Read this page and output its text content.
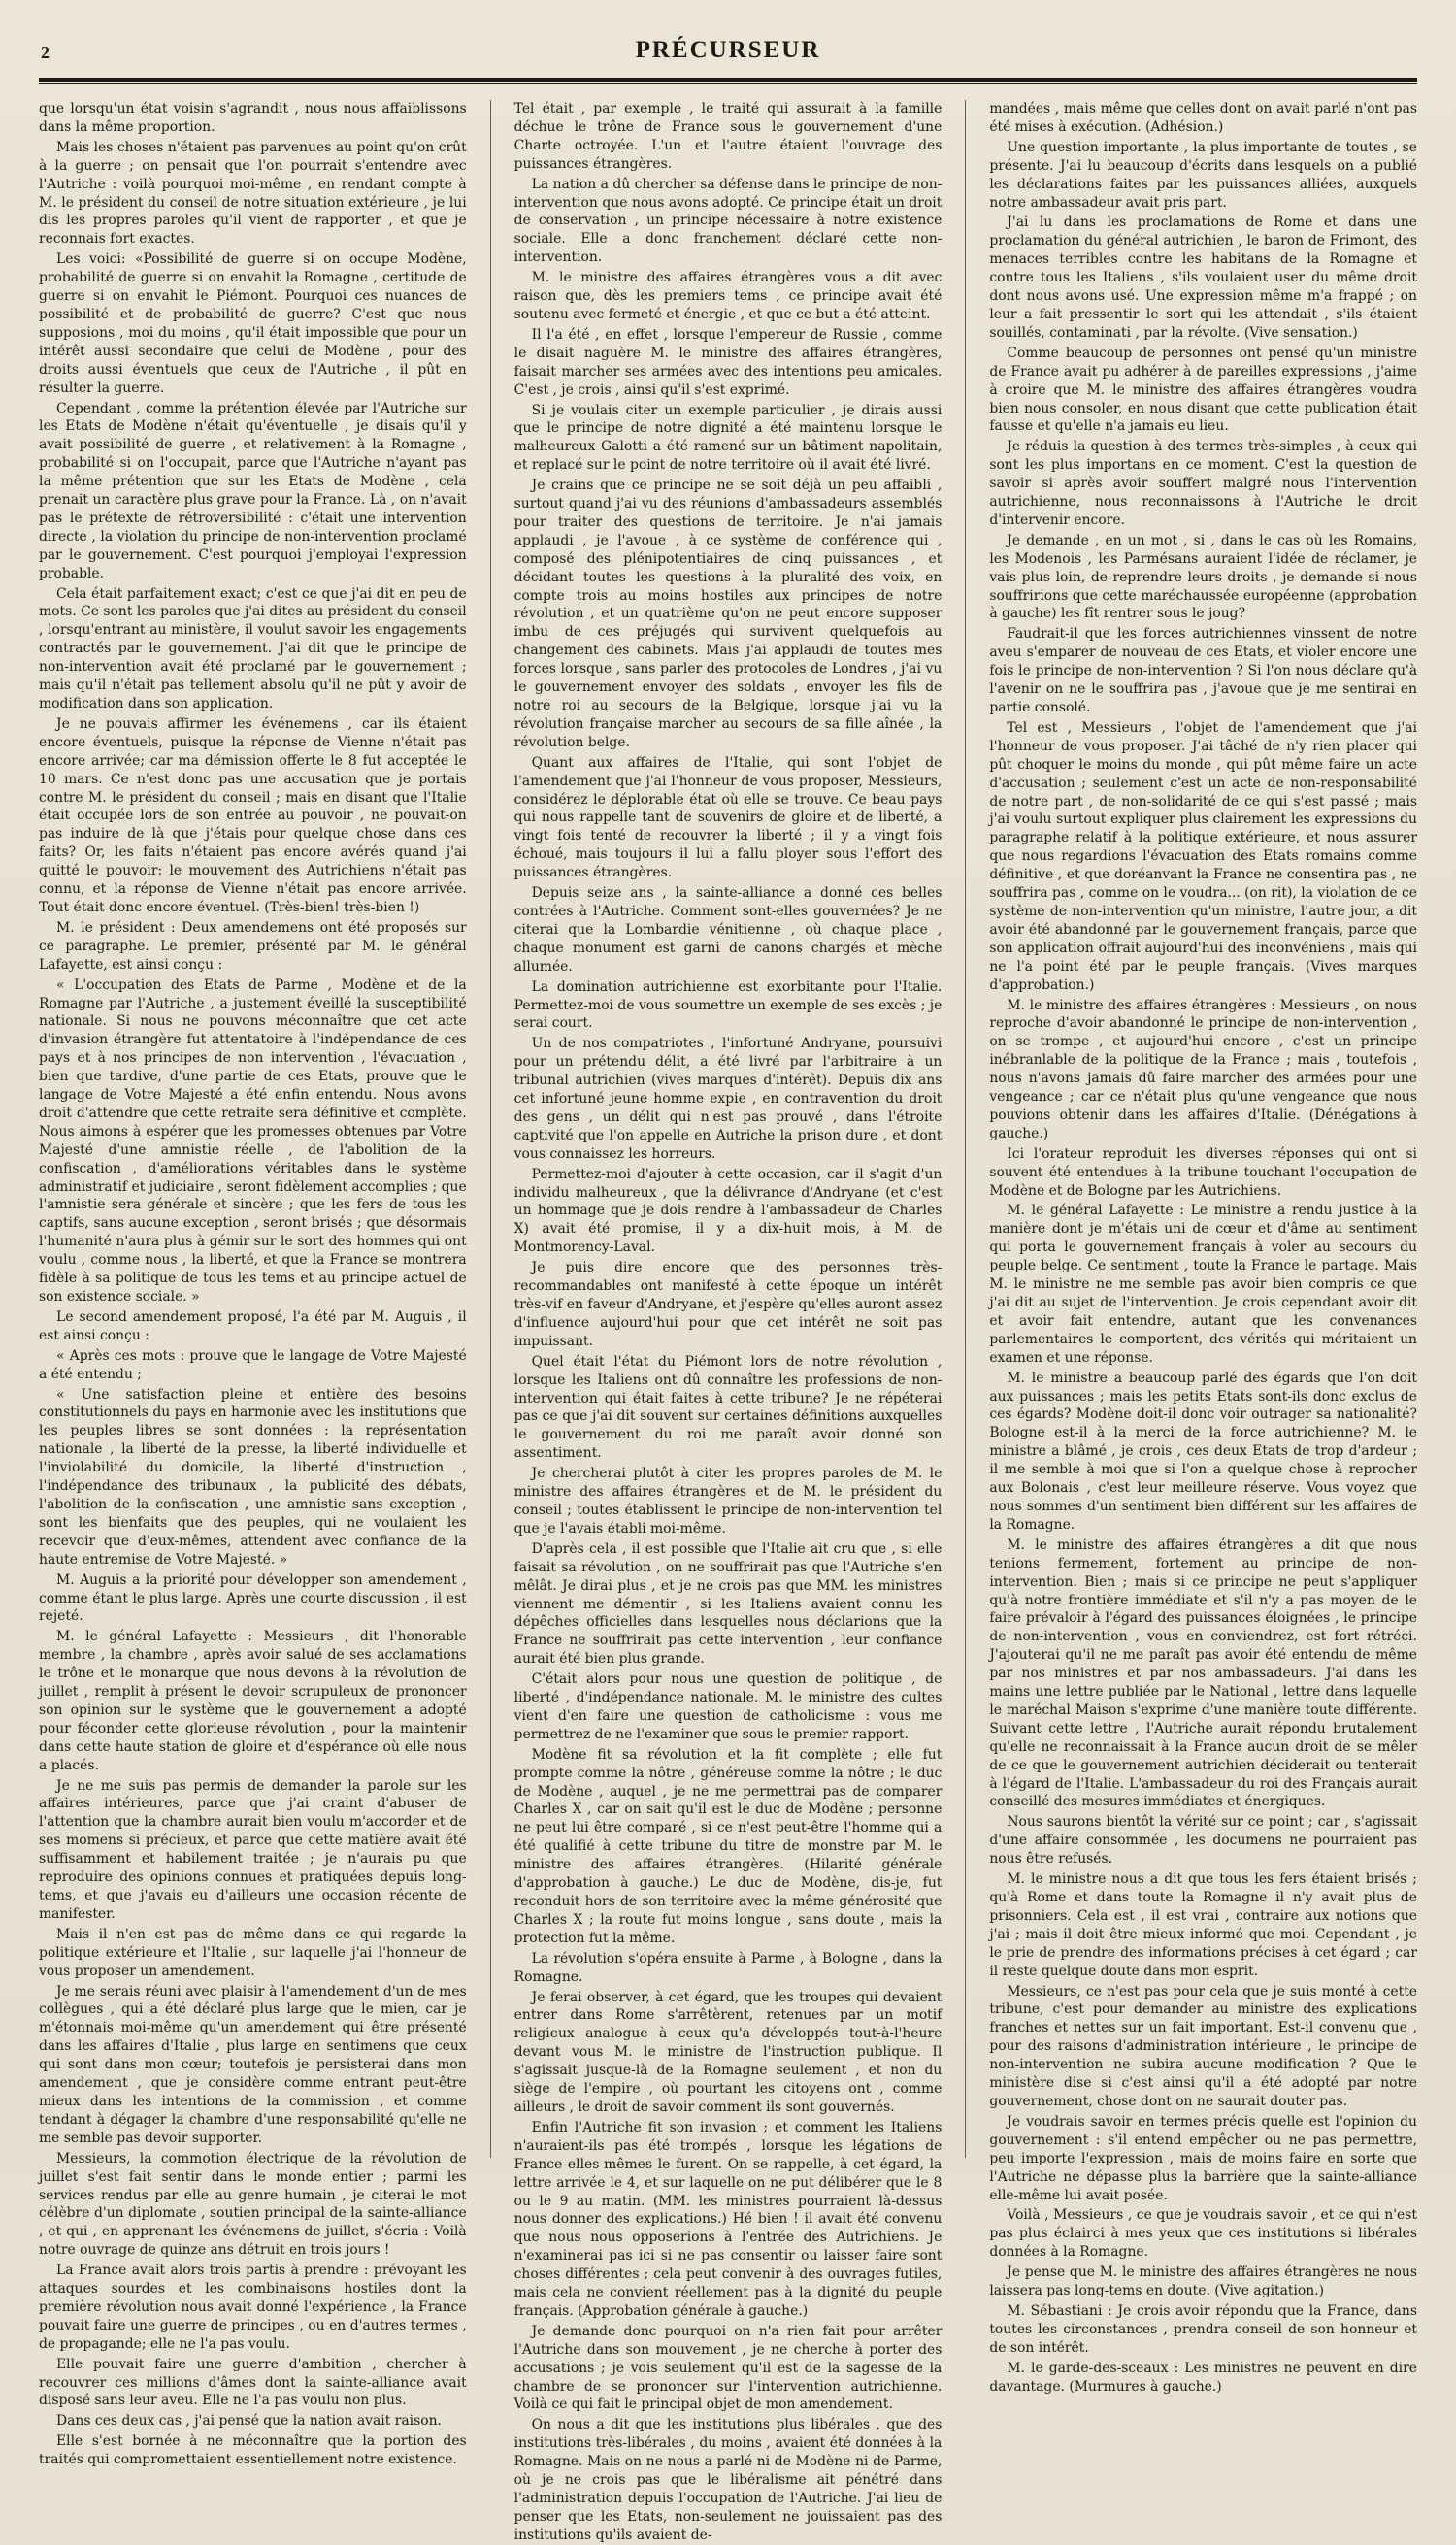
2	PRÉCURSEUR

que lorsqu'un état voisin s'agrandit , nous nous affaiblissons dans la même proportion.

Mais les choses n'étaient pas parvenues au point qu'on crût à la guerre ; on pensait que l'on pourrait s'entendre avec l'Autriche : voilà pourquoi moi-même , en rendant compte à M. le président du conseil de notre situation extérieure , je lui dis les propres paroles qu'il vient de rapporter , et que je reconnais fort exactes.

Les voici: «Possibilité de guerre si on occupe Modène, probabilité de guerre si on envahit la Romagne , certitude de guerre si on envahit le Piémont. Pourquoi ces nuances de possibilité et de probabilité de guerre? C'est que nous supposions , moi du moins , qu'il était impossible que pour un intérêt aussi secondaire que celui de Modène , pour des droits aussi éventuels que ceux de l'Autriche , il pût en résulter la guerre.

Cependant , comme la prétention élevée par l'Autriche sur les Etats de Modène n'était qu'éventuelle , je disais qu'il y avait possibilité de guerre , et relativement à la Romagne , probabilité si on l'occupait, parce que l'Autriche n'ayant pas la même prétention que sur les Etats de Modène , cela prenait un caractère plus grave pour la France. Là , on n'avait pas le prétexte de rétroversibilité : c'était une intervention directe , la violation du principe de non-intervention proclamé par le gouvernement. C'est pourquoi j'employai l'expression probable.

Cela était parfaitement exact; c'est ce que j'ai dit en peu de mots. Ce sont les paroles que j'ai dites au président du conseil , lorsqu'entrant au ministère, il voulut savoir les engagements contractés par le gouvernement. J'ai dit que le principe de non-intervention avait été proclamé par le gouvernement ; mais qu'il n'était pas tellement absolu qu'il ne pût y avoir de modification dans son application.

Je ne pouvais affirmer les événemens , car ils étaient encore éventuels, puisque la réponse de Vienne n'était pas encore arrivée; car ma démission offerte le 8 fut acceptée le 10 mars. Ce n'est donc pas une accusation que je portais contre M. le président du conseil ; mais en disant que l'Italie était occupée lors de son entrée au pouvoir , ne pouvait-on pas induire de là que j'étais pour quelque chose dans ces faits? Or, les faits n'étaient pas encore avérés quand j'ai quitté le pouvoir: le mouvement des Autrichiens n'était pas connu, et la réponse de Vienne n'était pas encore arrivée. Tout était donc encore éventuel. (Très-bien! très-bien !)

M. le président : Deux amendemens ont été proposés sur ce paragraphe. Le premier, présenté par M. le général Lafayette, est ainsi conçu :

« L'occupation des Etats de Parme , Modène et de la Romagne par l'Autriche , a justement éveillé la susceptibilité nationale. Si nous ne pouvons méconnaître que cet acte d'invasion étrangère fut attentatoire à l'indépendance de ces pays et à nos principes de non intervention , l'évacuation , bien que tardive, d'une partie de ces Etats, prouve que le langage de Votre Majesté a été enfin entendu. Nous avons droit d'attendre que cette retraite sera définitive et complète. Nous aimons à espérer que les promesses obtenues par Votre Majesté d'une amnistie réelle , de l'abolition de la confiscation , d'améliorations véritables dans le système administratif et judiciaire , seront fidèlement accomplies ; que l'amnistie sera générale et sincère ; que les fers de tous les captifs, sans aucune exception , seront brisés ; que désormais l'humanité n'aura plus à gémir sur le sort des hommes qui ont voulu , comme nous , la liberté, et que la France se montrera fidèle à sa politique de tous les tems et au principe actuel de son existence sociale. »

Le second amendement proposé, l'a été par M. Auguis , il est ainsi conçu :

« Après ces mots : prouve que le langage de Votre Majesté a été entendu ;

« Une satisfaction pleine et entière des besoins constitutionnels du pays en harmonie avec les institutions que les peuples libres se sont données : la représentation nationale , la liberté de la presse, la liberté individuelle et l'inviolabilité du domicile, la liberté d'instruction , l'indépendance des tribunaux , la publicité des débats, l'abolition de la confiscation , une amnistie sans exception , sont les bienfaits que des peuples, qui ne voulaient les recevoir que d'eux-mêmes, attendent avec confiance de la haute entremise de Votre Majesté. »

M. Auguis a la priorité pour développer son amendement , comme étant le plus large. Après une courte discussion , il est rejeté.

M. le général Lafayette : Messieurs , dit l'honorable membre , la chambre , après avoir salué de ses acclamations le trône et le monarque que nous devons à la révolution de juillet , remplit à présent le devoir scrupuleux de prononcer son opinion sur le système que le gouvernement a adopté pour féconder cette glorieuse révolution , pour la maintenir dans cette haute station de gloire et d'espérance où elle nous a placés.

Je ne me suis pas permis de demander la parole sur les affaires intérieures, parce que j'ai craint d'abuser de l'attention que la chambre aurait bien voulu m'accorder et de ses momens si précieux, et parce que cette matière avait été suffisamment et habilement traitée ; je n'aurais pu que reproduire des opinions connues et pratiquées depuis long-tems, et que j'avais eu d'ailleurs une occasion récente de manifester.

Mais il n'en est pas de même dans ce qui regarde la politique extérieure et l'Italie , sur laquelle j'ai l'honneur de vous proposer un amendement.

Je me serais réuni avec plaisir à l'amendement d'un de mes collègues , qui a été déclaré plus large que le mien, car je m'étonnais moi-même qu'un amendement qui être présenté dans les affaires d'Italie , plus large en sentimens que ceux qui sont dans mon cœur; toutefois je persisterai dans mon amendement , que je considère comme entrant peut-être mieux dans les intentions de la commission , et comme tendant à dégager la chambre d'une responsabilité qu'elle ne me semble pas devoir supporter.

Messieurs, la commotion électrique de la révolution de juillet s'est fait sentir dans le monde entier ; parmi les services rendus par elle au genre humain , je citerai le mot célèbre d'un diplomate , soutien principal de la sainte-alliance , et qui , en apprenant les événemens de juillet, s'écria : Voilà notre ouvrage de quinze ans détruit en trois jours !

La France avait alors trois partis à prendre : prévoyant les attaques sourdes et les combinaisons hostiles dont la première révolution nous avait donné l'expérience , la France pouvait faire une guerre de principes , ou en d'autres termes , de propagande; elle ne l'a pas voulu.

Elle pouvait faire une guerre d'ambition , chercher à recouvrer ces millions d'âmes dont la sainte-alliance avait disposé sans leur aveu. Elle ne l'a pas voulu non plus.

Dans ces deux cas , j'ai pensé que la nation avait raison.

Elle s'est bornée à ne méconnaître que la portion des traités qui compromettaient essentiellement notre existence.

Tel était , par exemple , le traité qui assurait à la famille déchue le trône de France sous le gouvernement d'une Charte octroyée. L'un et l'autre étaient l'ouvrage des puissances étrangères.

La nation a dû chercher sa défense dans le principe de non-intervention que nous avons adopté. Ce principe était un droit de conservation , un principe nécessaire à notre existence sociale. Elle a donc franchement déclaré cette non-intervention.

M. le ministre des affaires étrangères vous a dit avec raison que, dès les premiers tems , ce principe avait été soutenu avec fermeté et énergie , et que ce but a été atteint.

Il l'a été , en effet , lorsque l'empereur de Russie , comme le disait naguère M. le ministre des affaires étrangères, faisait marcher ses armées avec des intentions peu amicales. C'est , je crois , ainsi qu'il s'est exprimé.

Si je voulais citer un exemple particulier , je dirais aussi que le principe de notre dignité a été maintenu lorsque le malheureux Galotti a été ramené sur un bâtiment napolitain, et replacé sur le point de notre territoire où il avait été livré.

Je crains que ce principe ne se soit déjà un peu affaibli , surtout quand j'ai vu des réunions d'ambassadeurs assemblés pour traiter des questions de territoire. Je n'ai jamais applaudi , je l'avoue , à ce système de conférence qui , composé des plénipotentiaires de cinq puissances , et décidant toutes les questions à la pluralité des voix, en compte trois au moins hostiles aux principes de notre révolution , et un quatrième qu'on ne peut encore supposer imbu de ces préjugés qui survivent quelquefois au changement des cabinets. Mais j'ai applaudi de toutes mes forces lorsque , sans parler des protocoles de Londres , j'ai vu le gouvernement envoyer des soldats , envoyer les fils de notre roi au secours de la Belgique, lorsque j'ai vu la révolution française marcher au secours de sa fille aînée , la révolution belge.

Quant aux affaires de l'Italie, qui sont l'objet de l'amendement que j'ai l'honneur de vous proposer, Messieurs, considérez le déplorable état où elle se trouve. Ce beau pays qui nous rappelle tant de souvenirs de gloire et de liberté, a vingt fois tenté de recouvrer la liberté ; il y a vingt fois échoué, mais toujours il lui a fallu ployer sous l'effort des puissances étrangères.

Depuis seize ans , la sainte-alliance a donné ces belles contrées à l'Autriche. Comment sont-elles gouvernées? Je ne citerai que la Lombardie vénitienne , où chaque place , chaque monument est garni de canons chargés et mèche allumée.

La domination autrichienne est exorbitante pour l'Italie. Permettez-moi de vous soumettre un exemple de ses excès ; je serai court.

Un de nos compatriotes , l'infortuné Andryane, poursuivi pour un prétendu délit, a été livré par l'arbitraire à un tribunal autrichien (vives marques d'intérêt). Depuis dix ans cet infortuné jeune homme expie , en contravention du droit des gens , un délit qui n'est pas prouvé , dans l'étroite captivité que l'on appelle en Autriche la prison dure , et dont vous connaissez les horreurs.

Permettez-moi d'ajouter à cette occasion, car il s'agit d'un individu malheureux , que la délivrance d'Andryane (et c'est un hommage que je dois rendre à l'ambassadeur de Charles X) avait été promise, il y a dix-huit mois, à M. de Montmorency-Laval.

Je puis dire encore que des personnes très-recommandables ont manifesté à cette époque un intérêt très-vif en faveur d'Andryane, et j'espère qu'elles auront assez d'influence aujourd'hui pour que cet intérêt ne soit pas impuissant.

Quel était l'état du Piémont lors de notre révolution , lorsque les Italiens ont dû connaître les professions de non-intervention qui était faites à cette tribune? Je ne répéterai pas ce que j'ai dit souvent sur certaines définitions auxquelles le gouvernement du roi me paraît avoir donné son assentiment.

Je chercherai plutôt à citer les propres paroles de M. le ministre des affaires étrangères et de M. le président du conseil ; toutes établissent le principe de non-intervention tel que je l'avais établi moi-même.

D'après cela , il est possible que l'Italie ait cru que , si elle faisait sa révolution , on ne souffrirait pas que l'Autriche s'en mêlât. Je dirai plus , et je ne crois pas que MM. les ministres viennent me démentir , si les Italiens avaient connu les dépêches officielles dans lesquelles nous déclarions que la France ne souffrirait pas cette intervention , leur confiance aurait été bien plus grande.

C'était alors pour nous une question de politique , de liberté , d'indépendance nationale. M. le ministre des cultes vient d'en faire une question de catholicisme : vous me permettrez de ne l'examiner que sous le premier rapport.

Modène fit sa révolution et la fit complète ; elle fut prompte comme la nôtre , généreuse comme la nôtre ; le duc de Modène , auquel , je ne me permettrai pas de comparer Charles X , car on sait qu'il est le duc de Modène ; personne ne peut lui être comparé , si ce n'est peut-être l'homme qui a été qualifié à cette tribune du titre de monstre par M. le ministre des affaires étrangères. (Hilarité générale d'approbation à gauche.) Le duc de Modène, dis-je, fut reconduit hors de son territoire avec la même générosité que Charles X ; la route fut moins longue , sans doute , mais la protection fut la même.

La révolution s'opéra ensuite à Parme , à Bologne , dans la Romagne.

Je ferai observer, à cet égard, que les troupes qui devaient entrer dans Rome s'arrêtèrent, retenues par un motif religieux analogue à ceux qu'a développés tout-à-l'heure devant vous M. le ministre de l'instruction publique. Il s'agissait jusque-là de la Romagne seulement , et non du siège de l'empire , où pourtant les citoyens ont , comme ailleurs , le droit de savoir comment ils sont gouvernés.

Enfin l'Autriche fit son invasion ; et comment les Italiens n'auraient-ils pas été trompés , lorsque les légations de France elles-mêmes le furent. On se rappelle, à cet égard, la lettre arrivée le 4, et sur laquelle on ne put délibérer que le 8 ou le 9 au matin. (MM. les ministres pourraient là-dessus nous donner des explications.) Hé bien ! il avait été convenu que nous nous opposerions à l'entrée des Autrichiens. Je n'examinerai pas ici si ne pas consentir ou laisser faire sont choses différentes ; cela peut convenir à des ouvrages futiles, mais cela ne convient réellement pas à la dignité du peuple français. (Approbation générale à gauche.)

Je demande donc pourquoi on n'a rien fait pour arrêter l'Autriche dans son mouvement , je ne cherche à porter des accusations ; je vois seulement qu'il est de la sagesse de la chambre de se prononcer sur l'intervention autrichienne. Voilà ce qui fait le principal objet de mon amendement.

On nous a dit que les institutions plus libérales , que des institutions très-libérales , du moins , avaient été données à la Romagne. Mais on ne nous a parlé ni de Modène ni de Parme, où je ne crois pas que le libéralisme ait pénétré dans l'administration depuis l'occupation de l'Autriche. J'ai lieu de penser que les Etats, non-seulement ne jouissaient pas des institutions qu'ils avaient de-

mandées , mais même que celles dont on avait parlé n'ont pas été mises à exécution. (Adhésion.)

Une question importante , la plus importante de toutes , se présente. J'ai lu beaucoup d'écrits dans lesquels on a publié les déclarations faites par les puissances alliées, auxquels notre ambassadeur avait pris part.

J'ai lu dans les proclamations de Rome et dans une proclamation du général autrichien , le baron de Frimont, des menaces terribles contre les habitans de la Romagne et contre tous les Italiens , s'ils voulaient user du même droit dont nous avons usé. Une expression même m'a frappé ; on leur a fait pressentir le sort qui les attendait , s'ils étaient souillés, contaminati , par la révolte. (Vive sensation.)

Comme beaucoup de personnes ont pensé qu'un ministre de France avait pu adhérer à de pareilles expressions , j'aime à croire que M. le ministre des affaires étrangères voudra bien nous consoler, en nous disant que cette publication était fausse et qu'elle n'a jamais eu lieu.

Je réduis la question à des termes très-simples , à ceux qui sont les plus importans en ce moment. C'est la question de savoir si après avoir souffert malgré nous l'intervention autrichienne, nous reconnaissons à l'Autriche le droit d'intervenir encore.

Je demande , en un mot , si , dans le cas où les Romains, les Modenois , les Parmésans auraient l'idée de réclamer, je vais plus loin, de reprendre leurs droits , je demande si nous souffririons que cette maréchaussée européenne (approbation à gauche) les fît rentrer sous le joug?

Faudrait-il que les forces autrichiennes vinssent de notre aveu s'emparer de nouveau de ces Etats, et violer encore une fois le principe de non-intervention ? Si l'on nous déclare qu'à l'avenir on ne le souffrira pas , j'avoue que je me sentirai en partie consolé.

Tel est , Messieurs , l'objet de l'amendement que j'ai l'honneur de vous proposer. J'ai tâché de n'y rien placer qui pût choquer le moins du monde , qui pût même faire un acte d'accusation ; seulement c'est un acte de non-responsabilité de notre part , de non-solidarité de ce qui s'est passé ; mais j'ai voulu surtout expliquer plus clairement les expressions du paragraphe relatif à la politique extérieure, et nous assurer que nous regardions l'évacuation des Etats romains comme définitive , et que doréanvant la France ne consentira pas , ne souffrira pas , comme on le voudra... (on rit), la violation de ce système de non-intervention qu'un ministre, l'autre jour, a dit avoir été abandonné par le gouvernement français, parce que son application offrait aujourd'hui des inconvéniens , mais qui ne l'a point été par le peuple français. (Vives marques d'approbation.)

M. le ministre des affaires étrangères : Messieurs , on nous reproche d'avoir abandonné le principe de non-intervention , on se trompe , et aujourd'hui encore , c'est un principe inébranlable de la politique de la France ; mais , toutefois , nous n'avons jamais dû faire marcher des armées pour une vengeance ; car ce n'était plus qu'une vengeance que nous pouvions obtenir dans les affaires d'Italie. (Dénégations à gauche.)

Ici l'orateur reproduit les diverses réponses qui ont si souvent été entendues à la tribune touchant l'occupation de Modène et de Bologne par les Autrichiens.

M. le général Lafayette : Le ministre a rendu justice à la manière dont je m'étais uni de cœur et d'âme au sentiment qui porta le gouvernement français à voler au secours du peuple belge. Ce sentiment , toute la France le partage. Mais M. le ministre ne me semble pas avoir bien compris ce que j'ai dit au sujet de l'intervention. Je crois cependant avoir dit et avoir fait entendre, autant que les convenances parlementaires le comportent, des vérités qui méritaient un examen et une réponse.

M. le ministre a beaucoup parlé des égards que l'on doit aux puissances ; mais les petits Etats sont-ils donc exclus de ces égards? Modène doit-il donc voir outrager sa nationalité? Bologne est-il à la merci de la force autrichienne? M. le ministre a blâmé , je crois , ces deux Etats de trop d'ardeur ; il me semble à moi que si l'on a quelque chose à reprocher aux Bolonais , c'est leur meilleure réserve. Vous voyez que nous sommes d'un sentiment bien différent sur les affaires de la Romagne.

M. le ministre des affaires étrangères a dit que nous tenions fermement, fortement au principe de non-intervention. Bien ; mais si ce principe ne peut s'appliquer qu'à notre frontière immédiate et s'il n'y a pas moyen de le faire prévaloir à l'égard des puissances éloignées , le principe de non-intervention , vous en conviendrez, est fort rétréci. J'ajouterai qu'il ne me paraît pas avoir été entendu de même par nos ministres et par nos ambassadeurs. J'ai dans les mains une lettre publiée par le National , lettre dans laquelle le maréchal Maison s'exprime d'une manière toute différente. Suivant cette lettre , l'Autriche aurait répondu brutalement qu'elle ne reconnaissait à la France aucun droit de se mêler de ce que le gouvernement autrichien déciderait ou tenterait à l'égard de l'Italie. L'ambassadeur du roi des Français aurait conseillé des mesures immédiates et énergiques.

Nous saurons bientôt la vérité sur ce point ; car , s'agissait d'une affaire consommée , les documens ne pourraient pas nous être refusés.

M. le ministre nous a dit que tous les fers étaient brisés ; qu'à Rome et dans toute la Romagne il n'y avait plus de prisonniers. Cela est , il est vrai , contraire aux notions que j'ai ; mais il doit être mieux informé que moi. Cependant , je le prie de prendre des informations précises à cet égard ; car il reste quelque doute dans mon esprit.

Messieurs, ce n'est pas pour cela que je suis monté à cette tribune, c'est pour demander au ministre des explications franches et nettes sur un fait important. Est-il convenu que , pour des raisons d'administration intérieure , le principe de non-intervention ne subira aucune modification ? Que le ministère dise si c'est ainsi qu'il a été adopté par notre gouvernement, chose dont on ne saurait douter pas.

Je voudrais savoir en termes précis quelle est l'opinion du gouvernement : s'il entend empêcher ou ne pas permettre, peu importe l'expression , mais de moins faire en sorte que l'Autriche ne dépasse plus la barrière que la sainte-alliance elle-même lui avait posée.

Voilà , Messieurs , ce que je voudrais savoir , et ce qui n'est pas plus éclairci à mes yeux que ces institutions si libérales données à la Romagne.

Je pense que M. le ministre des affaires étrangères ne nous laissera pas long-tems en doute. (Vive agitation.)

M. Sébastiani : Je crois avoir répondu que la France, dans toutes les circonstances , prendra conseil de son honneur et de son intérêt.

M. le garde-des-sceaux : Les ministres ne peuvent en dire davantage. (Murmures à gauche.)
